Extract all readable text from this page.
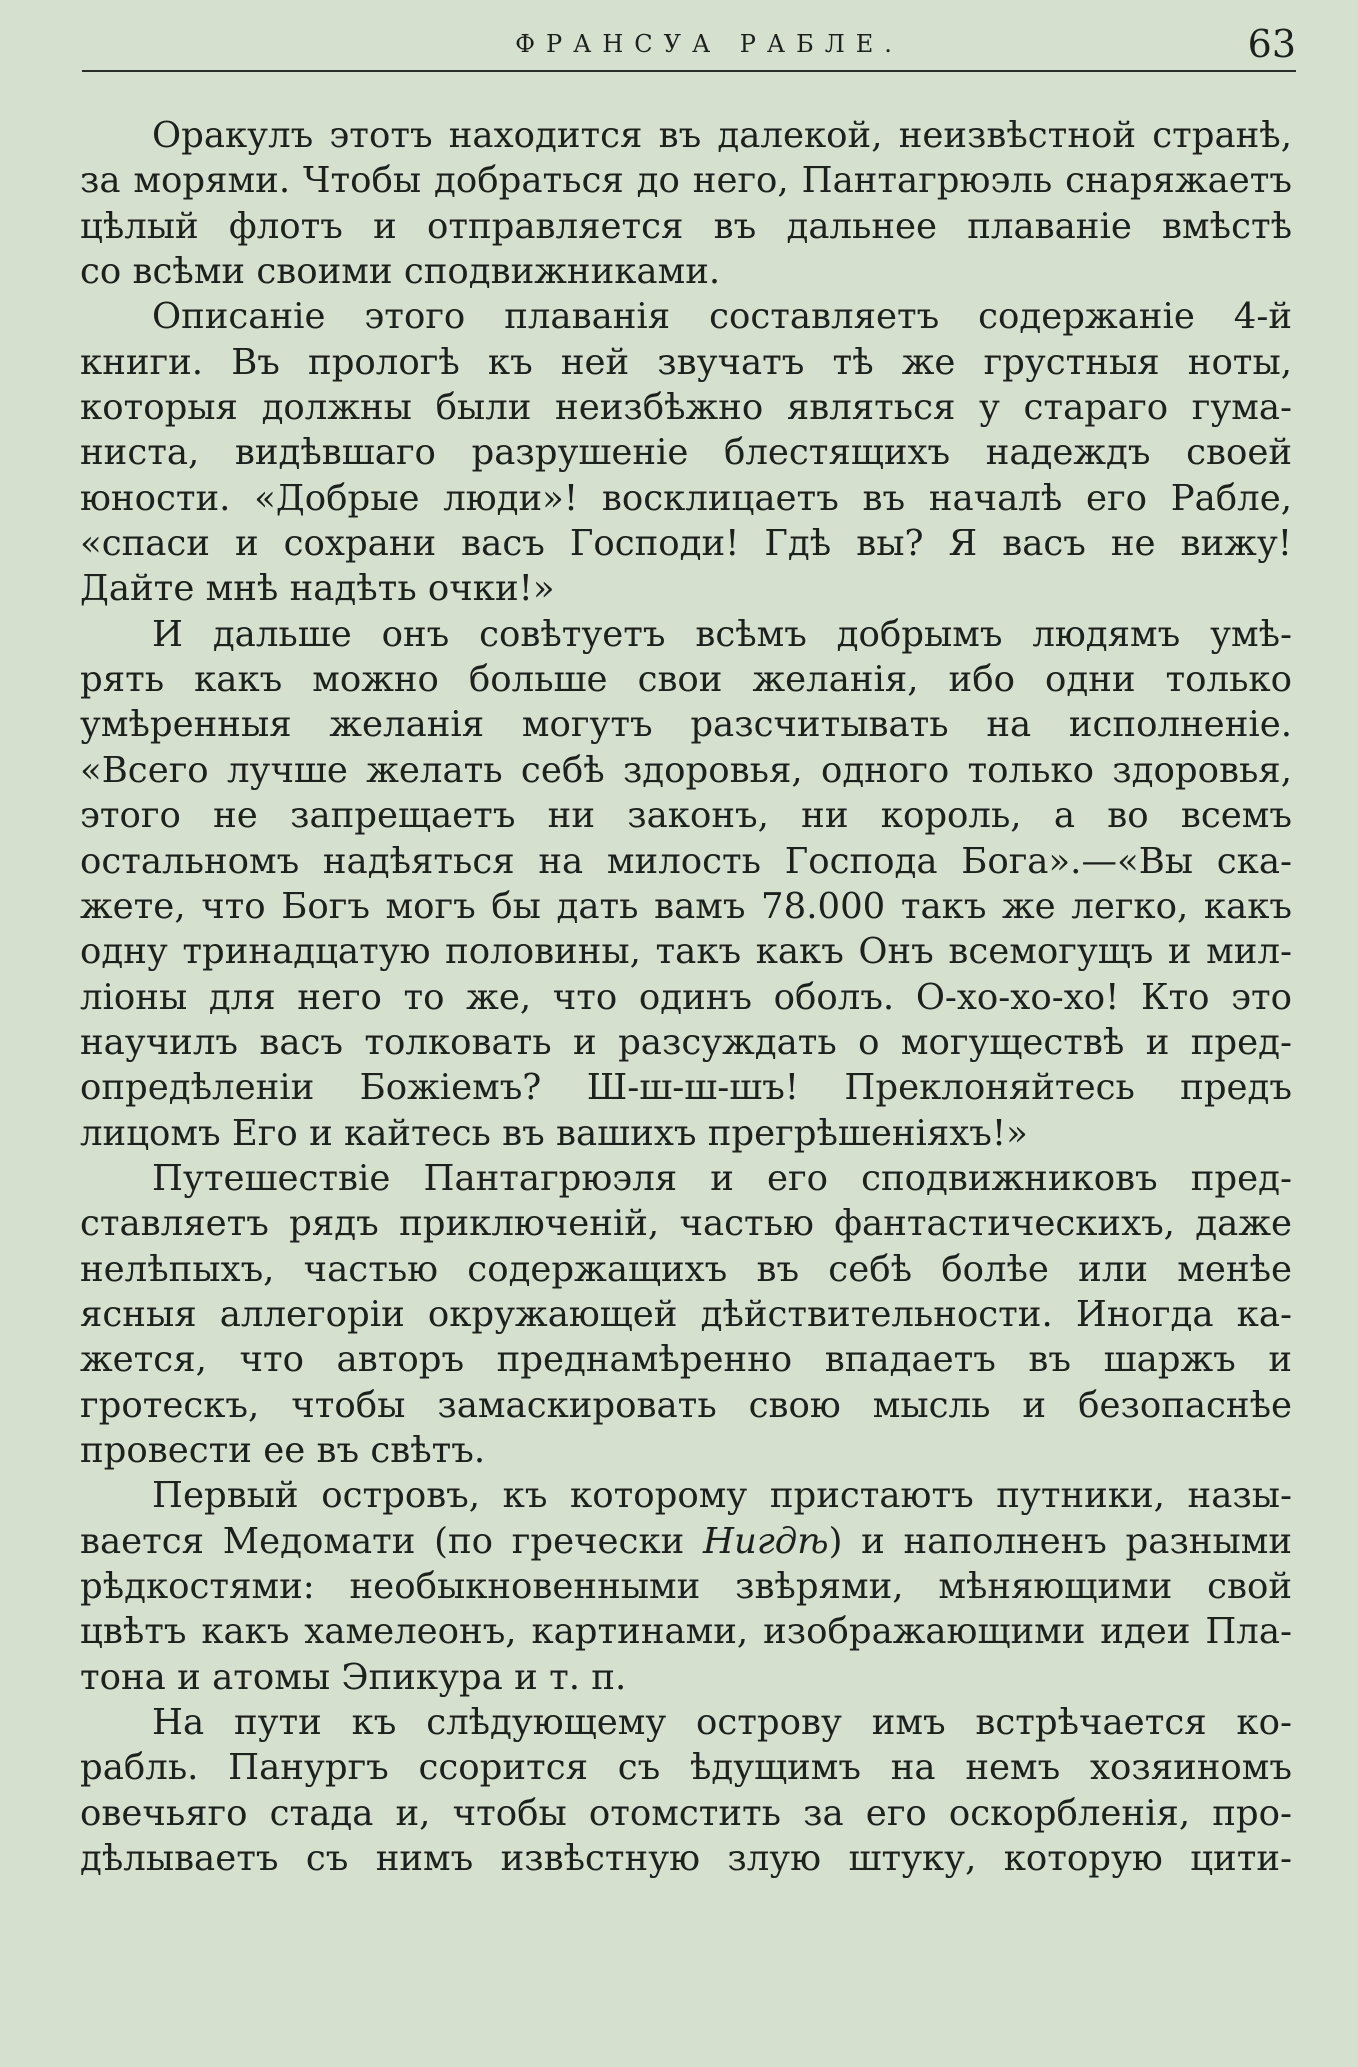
ФРАНСУА РАБЛЕ.	63
Оракулъ этотъ находится въ далекой, неизвѣстной странѣ,
за морями. Чтобы добраться до него, Пантагрюэль снаряжаетъ
цѣлый флотъ и отправляется въ дальнее плаванiе вмѣстѣ
со всѣми своими сподвижниками.
Описанiе этого плаванiя составляетъ содержанiе 4-й
книги. Въ прологѣ къ ней звучатъ тѣ же грустныя ноты,
которыя должны были неизбѣжно являться у стараго гума-
ниста, видѣвшаго разрушенiе блестящихъ надеждъ своей
юности. «Добрые люди»! восклицаетъ въ началѣ его Рабле,
«спаси и сохрани васъ Господи! Гдѣ вы? Я васъ не вижу!
Дайте мнѣ надѣть очки!»
И дальше онъ совѣтуетъ всѣмъ добрымъ людямъ умѣ-
рять какъ можно больше свои желанiя, ибо одни только
умѣренныя желанiя могутъ разсчитывать на исполненiе.
«Всего лучше желать себѣ здоровья, одного только здоровья,
этого не запрещаетъ ни законъ, ни король, а во всемъ
остальномъ надѣяться на милость Господа Бога».—«Вы ска-
жете, что Богъ могъ бы дать вамъ 78.000 такъ же легко, какъ
одну тринадцатую половины, такъ какъ Онъ всемогущъ и мил-
лiоны для него то же, что одинъ оболъ. О-хо-хо-хо! Кто это
научилъ васъ толковать и разсуждать о могуществѣ и пред-
опредѣленiи Божiемъ? Ш-ш-ш-шъ! Преклоняйтесь предъ
лицомъ Его и кайтесь въ вашихъ прегрѣшенiяхъ!»
Путешествiе Пантагрюэля и его сподвижниковъ пред-
ставляетъ рядъ приключенiй, частью фантастическихъ, даже
нелѣпыхъ, частью содержащихъ въ себѣ болѣе или менѣе
ясныя аллегорiи окружающей дѣйствительности. Иногда ка-
жется, что авторъ преднамѣренно впадаетъ въ шаржъ и
гротескъ, чтобы замаскировать свою мысль и безопаснѣе
провести ее въ свѣтъ.
Первый островъ, къ которому пристаютъ путники, назы-
вается Медомати (по гречески Нигдѣ) и наполненъ разными
рѣдкостями: необыкновенными звѣрями, мѣняющими свой
цвѣтъ какъ хамелеонъ, картинами, изображающими идеи Пла-
тона и атомы Эпикура и т. п.
На пути къ слѣдующему острову имъ встрѣчается ко-
рабль. Панургъ ссорится съ ѣдущимъ на немъ хозяиномъ
овечьяго стада и, чтобы отомстить за его оскорбленiя, про-
дѣлываетъ съ нимъ извѣстную злую штуку, которую цити-
